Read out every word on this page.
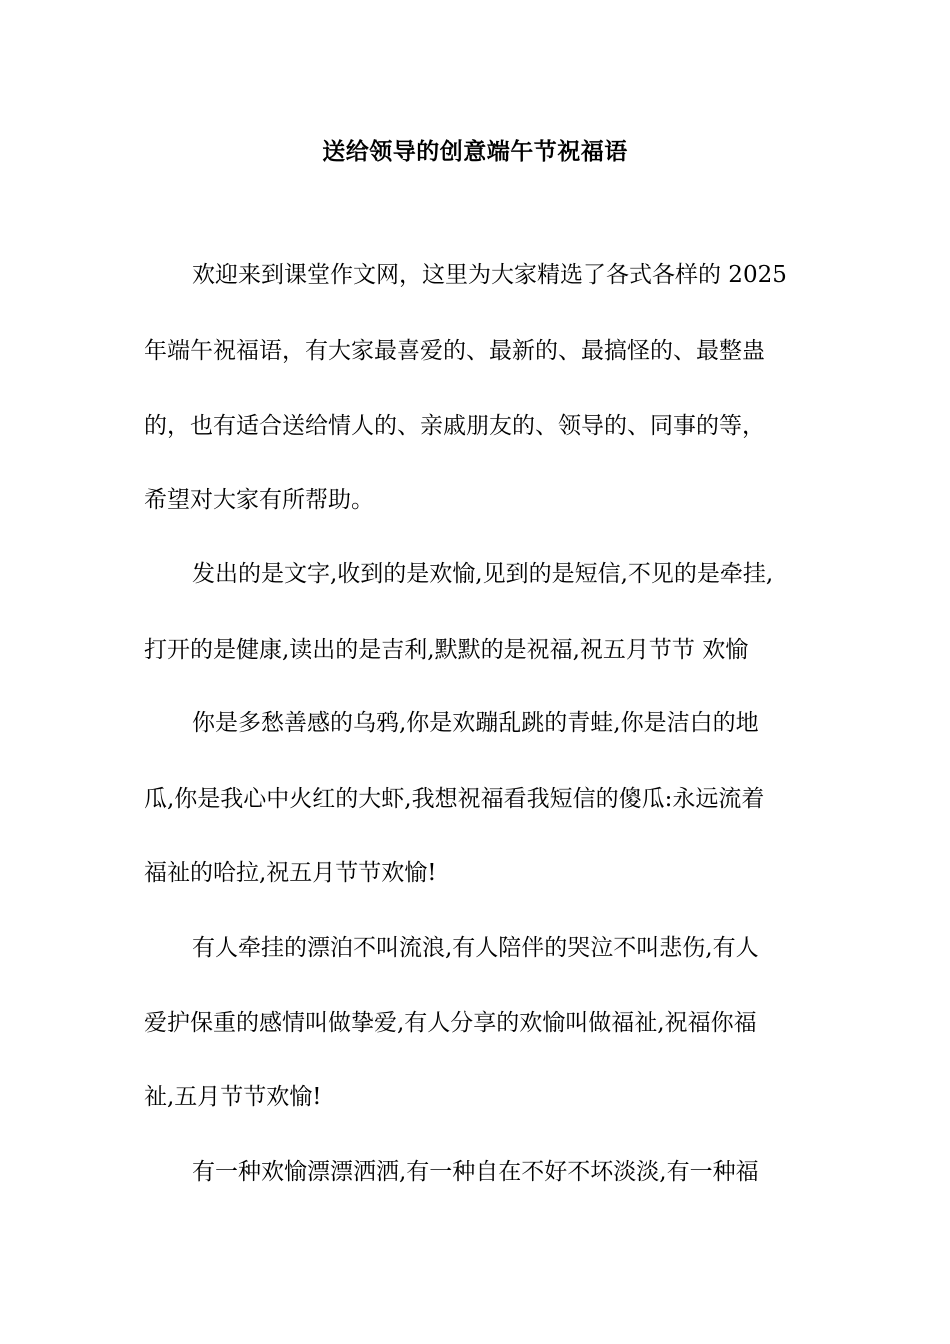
送给领导的创意端午节祝福语
欢迎来到课堂作文网，这里为大家精选了各式各样的 2025
年端午祝福语，有大家最喜爱的、最新的、最搞怪的、最整蛊
的，也有适合送给情人的、亲戚朋友的、领导的、同事的等，
希望对大家有所帮助。
发出的是文字,收到的是欢愉,见到的是短信,不见的是牵挂,
打开的是健康,读出的是吉利,默默的是祝福,祝五月节节 欢愉
你是多愁善感的乌鸦,你是欢蹦乱跳的青蛙,你是洁白的地
瓜,你是我心中火红的大虾,我想祝福看我短信的傻瓜:永远流着
福祉的哈拉,祝五月节节欢愉!
有人牵挂的漂泊不叫流浪,有人陪伴的哭泣不叫悲伤,有人
爱护保重的感情叫做挚爱,有人分享的欢愉叫做福祉,祝福你福
祉,五月节节欢愉!
有一种欢愉漂漂洒洒,有一种自在不好不坏淡淡,有一种福
